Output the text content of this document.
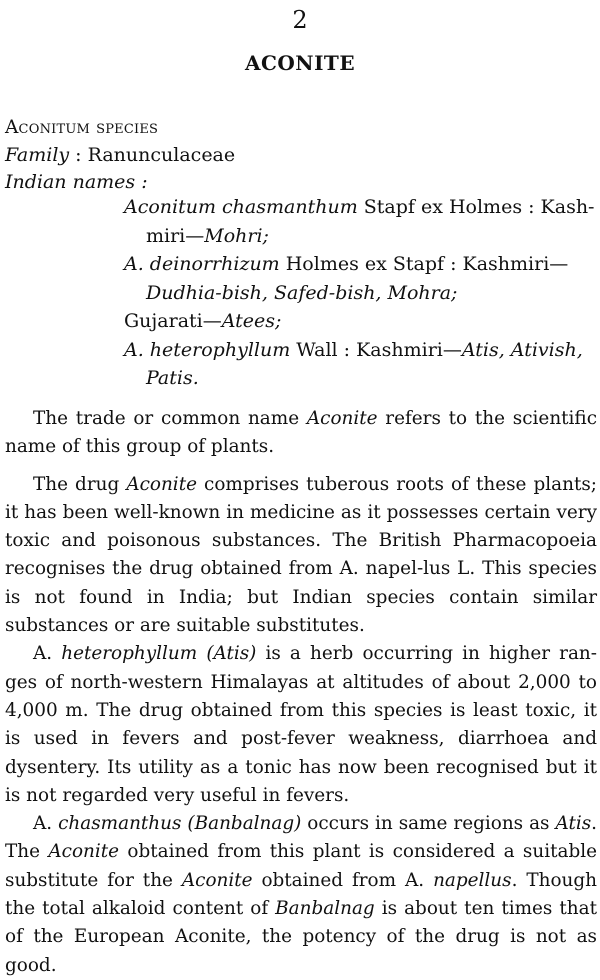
2
ACONITE
Aconitum species
Family : Ranunculaceae
Indian names :

Aconitum chasmanthum Stapf ex Holmes : Kash-miri—Mohri;

A. deinorrhizum Holmes ex Stapf : Kashmiri—Dudhia-bish, Safed-bish, Mohra;

Gujarati—Atees;

A. heterophyllum Wall : Kashmiri—Atis, Ativish, Patis.

The trade or common name Aconite refers to the scientific name of this group of plants.

The drug Aconite comprises tuberous roots of these plants; it has been well-known in medicine as it possesses certain very toxic and poisonous substances. The British Pharmacopoeia recognises the drug obtained from A. napel-lus L. This species is not found in India; but Indian species contain similar substances or are suitable substitutes.

A. heterophyllum (Atis) is a herb occurring in higher ran-ges of north-western Himalayas at altitudes of about 2,000 to 4,000 m. The drug obtained from this species is least toxic, it is used in fevers and post-fever weakness, diarrhoea and dysentery. Its utility as a tonic has now been recognised but it is not regarded very useful in fevers.

A. chasmanthus (Banbalnag) occurs in same regions as Atis. The Aconite obtained from this plant is considered a suitable substitute for the Aconite obtained from A. napellus. Though the total alkaloid content of Banbalnag is about ten times that of the European Aconite, the potency of the drug is not as good.
